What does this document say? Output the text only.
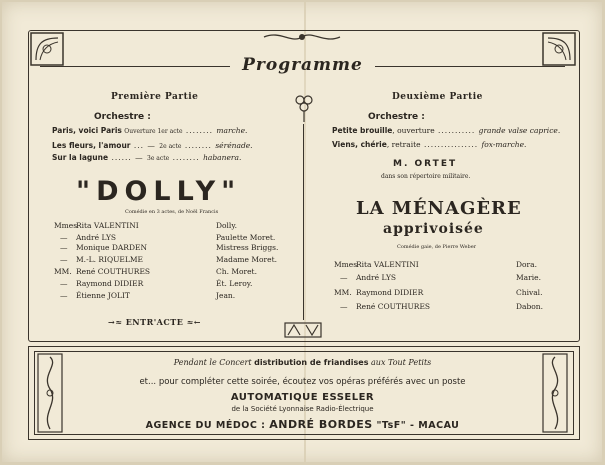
Programme
Première Partie
Orchestre :
Paris, voici Paris Ouverture 1er acte ........ marche.
Les fleurs, l'amour ... — 2e acte ........ sérénade.
Sur la lagune ...... — 3e acte ........ habanera.
"DOLLY"
Comédie en 3 actes, de Noël Francis
MmesRita VALENTINI	Dolly.
— André LYS	Paulette Moret.
— Monique DARDEN	Mistress Briggs.
— M.-L. RIQUELME	Madame Moret.
MM. René COUTHURES	Ch. Moret.
— Raymond DIDIER	Ét. Leroy.
— Étienne JOLIT	Jean.
→≈ ENTR'ACTE ≈←
Deuxième Partie
Orchestre :
Petite brouille, ouverture ........... grande valse caprice.
Viens, chérie, retraite ................ fox-marche.
M. ORTET
dans son répertoire militaire.
LA MÉNAGÈRE
apprivoisée
Comédie gaie, de Pierre Weber
MmesRita VALENTINI	Dora.
— André LYS	Marie.
MM. Raymond DIDIER	Chival.
— René COUTHURES	Dabon.
Pendant le Concert distribution de friandises aux Tout Petits
et... pour compléter cette soirée, écoutez vos opéras préférés avec un poste
AUTOMATIQUE ESSELER
de la Société Lyonnaise Radio-Électrique
AGENCE DU MÉDOC : ANDRÉ BORDES "TsF" - MACAU
